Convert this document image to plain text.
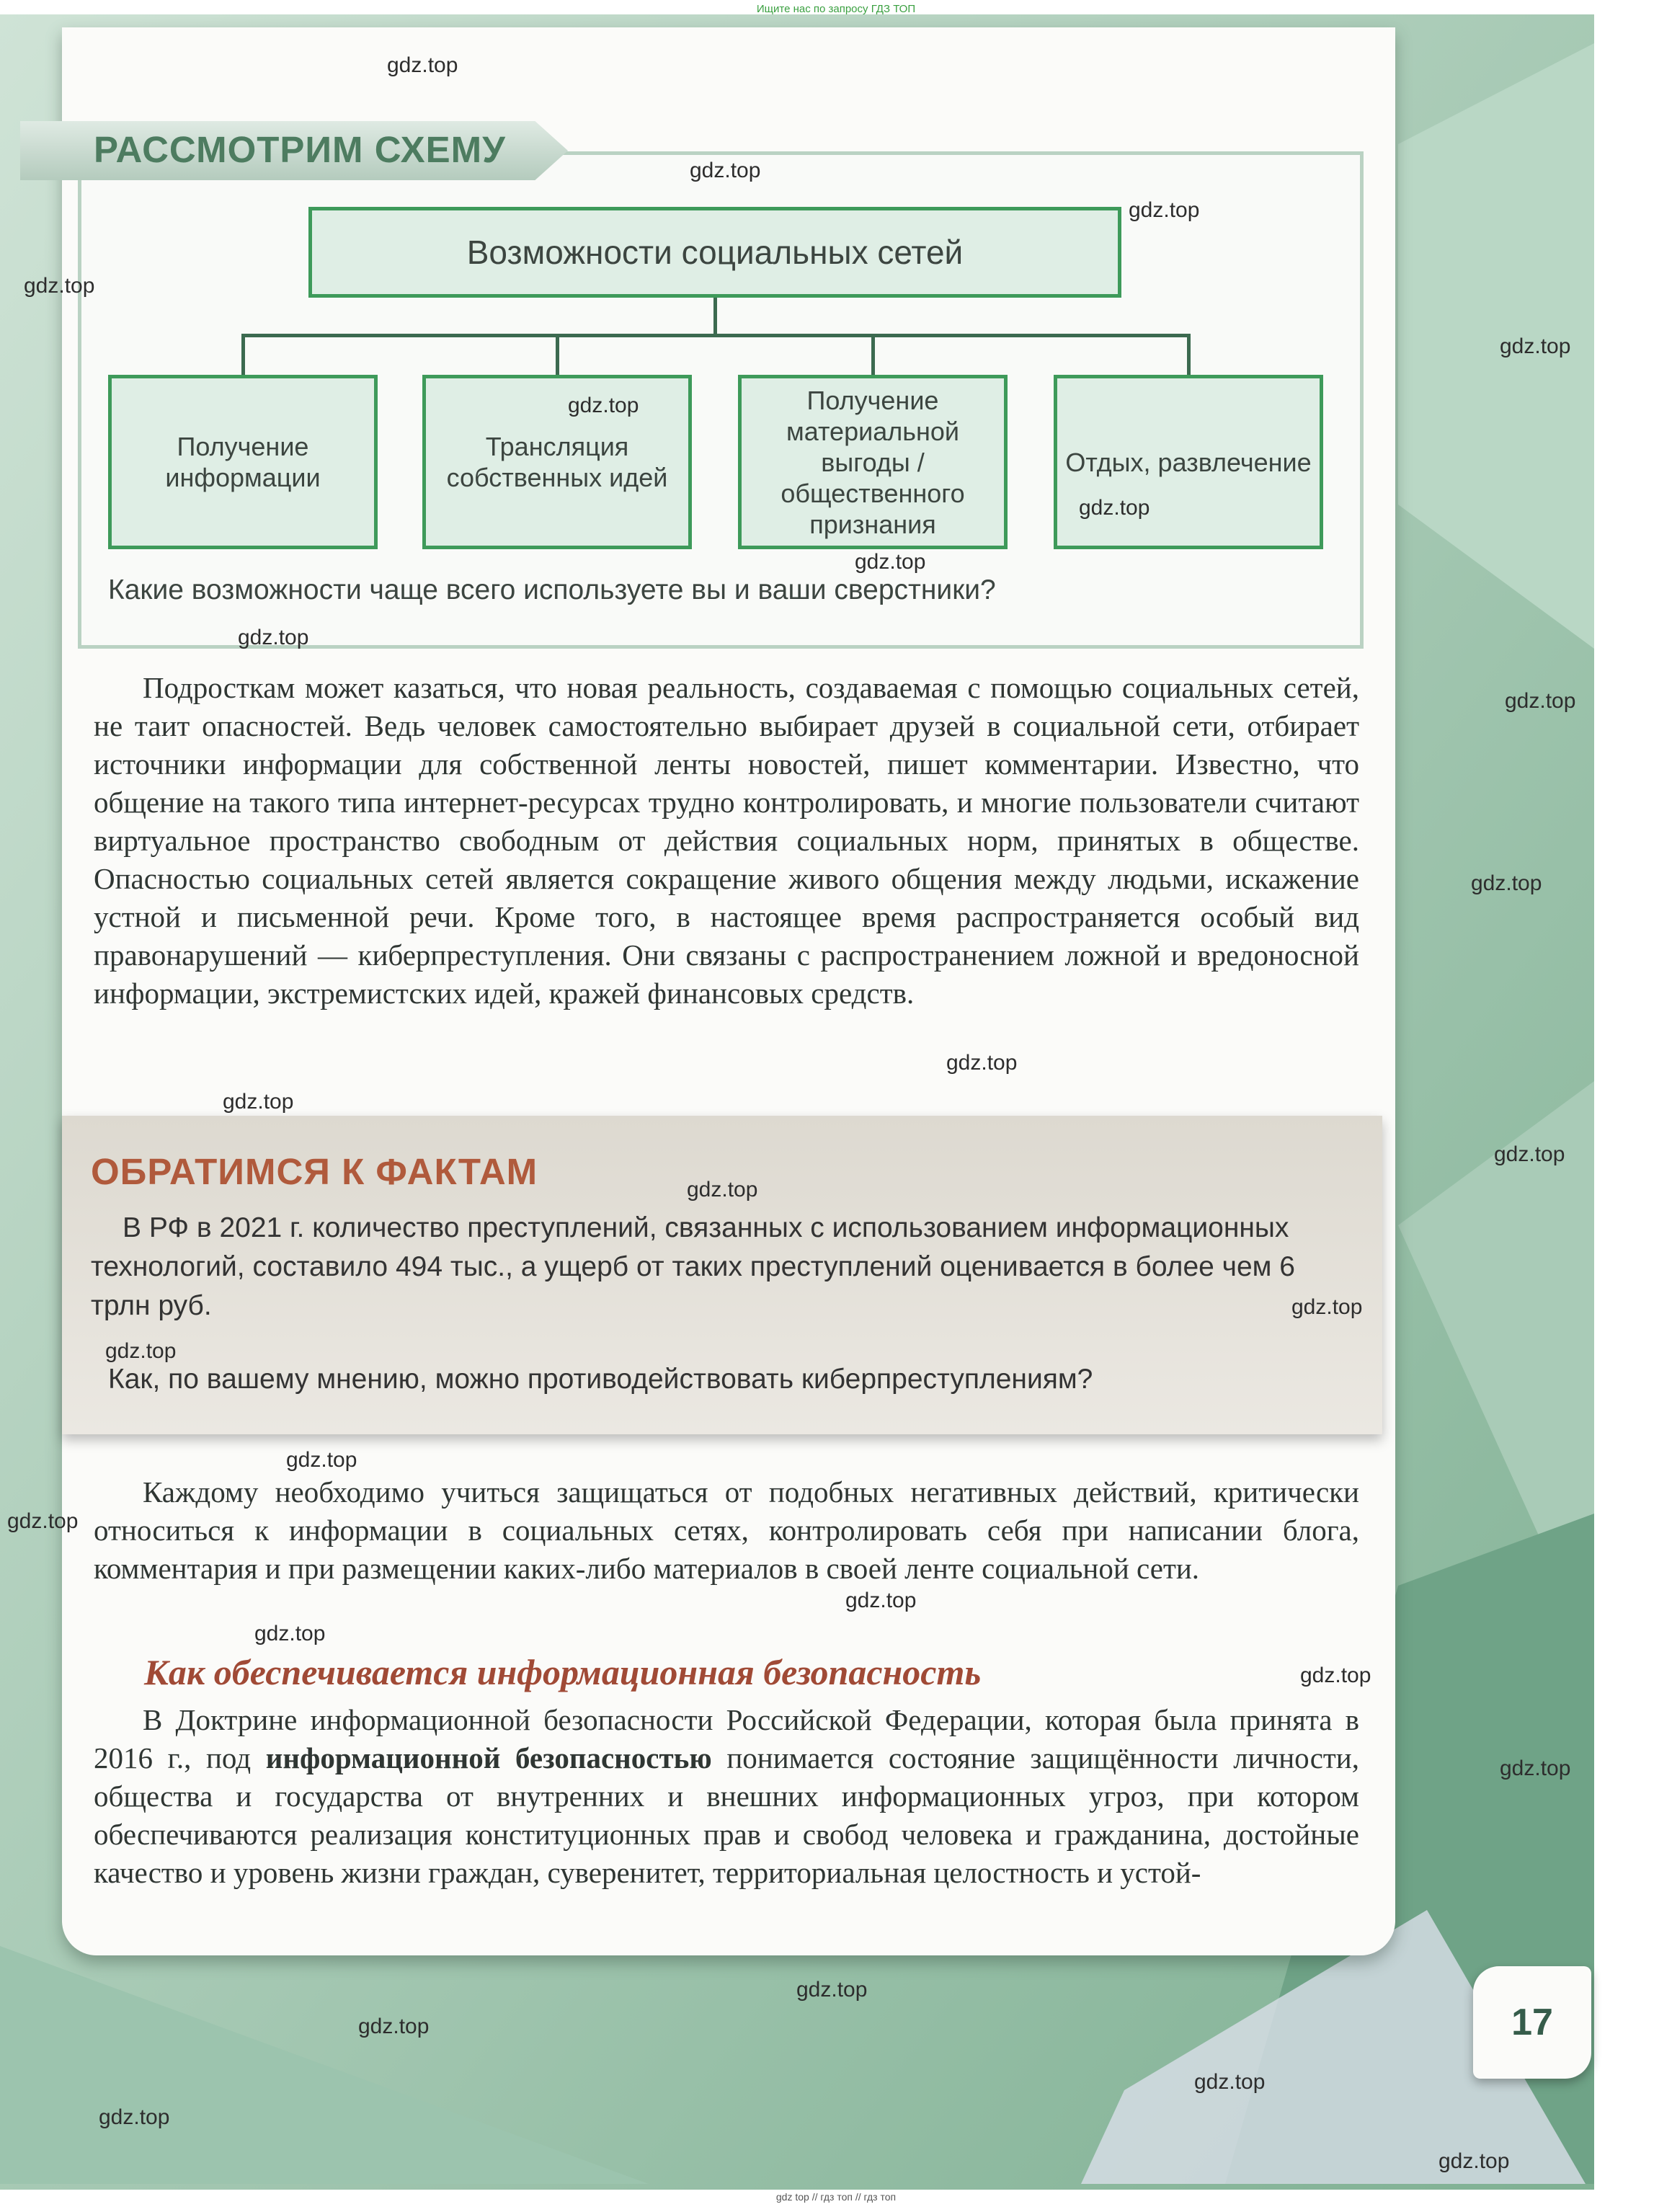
Ищите нас по запросу ГДЗ ТОП
РАССМОТРИМ СХЕМУ
Возможности социальных сетей
Получение информации
Трансляция собственных идей
Получение материальной выгоды / общественного признания
Отдых, развлечение
Какие возможности чаще всего используете вы и ваши сверстники?

Подросткам может казаться, что новая реальность, создаваемая с помощью социальных сетей, не таит опасностей. Ведь человек самостоятельно выбирает друзей в социальной сети, отбирает источники информации для собственной ленты новостей, пишет комментарии. Известно, что общение на такого типа интернет-ресурсах трудно контролировать, и многие пользователи считают виртуальное пространство свободным от действия социальных норм, принятых в обществе. Опасностью социальных сетей является сокращение живого общения между людьми, искажение устной и письменной речи. Кроме того, в настоящее время распространяется особый вид правонарушений — киберпреступления. Они связаны с распространением ложной и вредоносной информации, экстремистских идей, кражей финансовых средств.

ОБРАТИМСЯ К ФАКТАМ

В РФ в 2021 г. количество преступлений, связанных с использованием информационных технологий, составило 494 тыс., а ущерб от таких преступлений оценивается в более чем 6 трлн руб.

Как, по вашему мнению, можно противодействовать киберпреступлениям?

Каждому необходимо учиться защищаться от подобных негативных действий, критически относиться к информации в социальных сетях, контролировать себя при написании блога, комментария и при размещении каких-либо материалов в своей ленте социальной сети.

Как обеспечивается информационная безопасность

В Доктрине информационной безопасности Российской Федерации, которая была принята в 2016 г., под информационной безопасностью понимается состояние защищённости личности, общества и государства от внутренних и внешних информационных угроз, при котором обеспечиваются реализация конституционных прав и свобод человека и гражданина, достойные качество и уровень жизни граждан, суверенитет, территориальная целостность и устой-

17
gdz.top
gdz.top
gdz.top
gdz.top
gdz.top
gdz.top
gdz.top
gdz.top
gdz.top
gdz.top
gdz.top
gdz.top
gdz.top
gdz.top
gdz.top
gdz.top
gdz.top
gdz.top
gdz.top
gdz.top
gdz.top
gdz.top
gdz.top
gdz.top
gdz.top
gdz.top
gdz.top
gdz.top
gdz top // гдз топ // гдз топ
